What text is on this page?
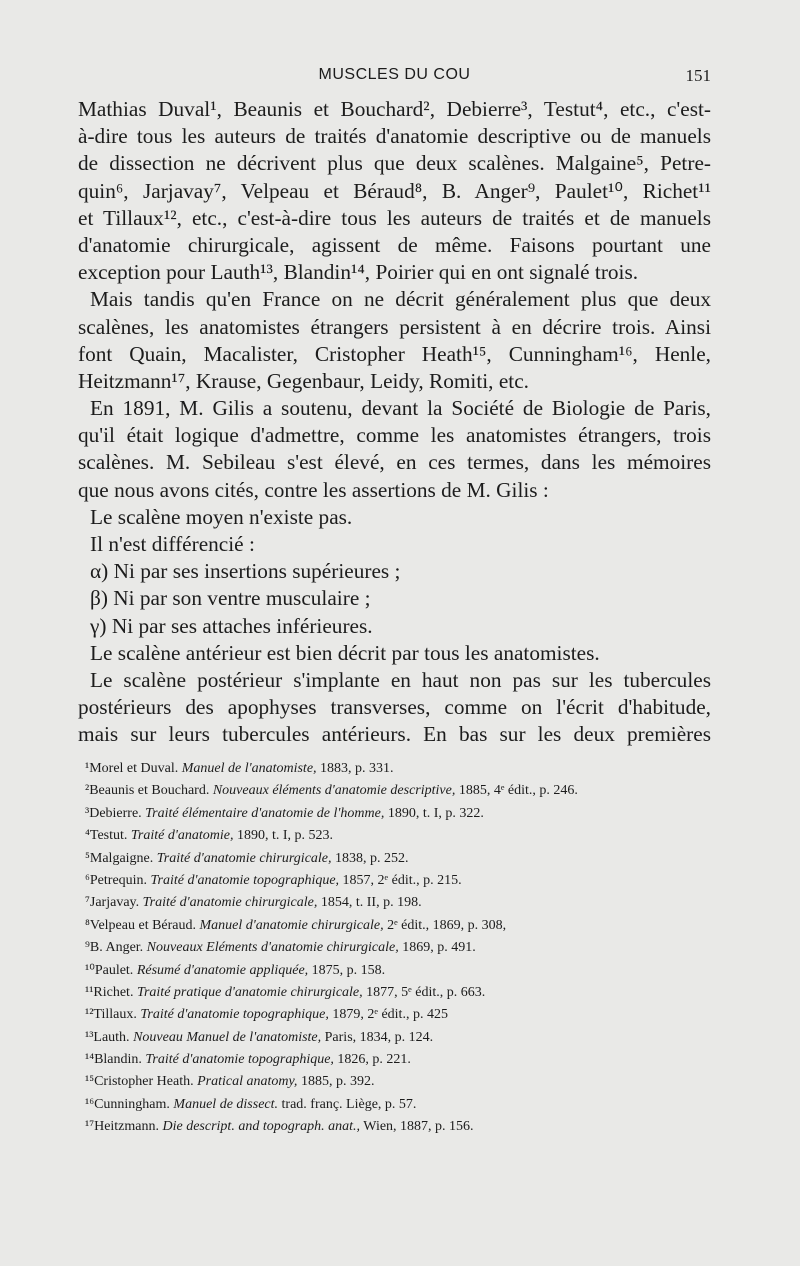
MUSCLES DU COU	151
Mathias Duval¹, Beaunis et Bouchard², Debierre³, Testut⁴, etc., c'est-
à-dire tous les auteurs de traités d'anatomie descriptive ou de manuels
de dissection ne décrivent plus que deux scalènes. Malgaine⁵, Petre-
quin⁶, Jarjavay⁷, Velpeau et Béraud⁸, B. Anger⁹, Paulet¹⁰, Richet¹¹
et Tillaux¹², etc., c'est-à-dire tous les auteurs de traités et de manuels
d'anatomie chirurgicale, agissent de même. Faisons pourtant une
exception pour Lauth¹³, Blandin¹⁴, Poirier qui en ont signalé trois.
Mais tandis qu'en France on ne décrit généralement plus que deux
scalènes, les anatomistes étrangers persistent à en décrire trois. Ainsi
font Quain, Macalister, Cristopher Heath¹⁵, Cunningham¹⁶, Henle,
Heitzmann¹⁷, Krause, Gegenbaur, Leidy, Romiti, etc.
En 1891, M. Gilis a soutenu, devant la Société de Biologie de Paris,
qu'il était logique d'admettre, comme les anatomistes étrangers, trois
scalènes. M. Sebileau s'est élevé, en ces termes, dans les mémoires
que nous avons cités, contre les assertions de M. Gilis :
Le scalène moyen n'existe pas.
Il n'est différencié :
α) Ni par ses insertions supérieures ;
β) Ni par son ventre musculaire ;
γ) Ni par ses attaches inférieures.
Le scalène antérieur est bien décrit par tous les anatomistes.
Le scalène postérieur s'implante en haut non pas sur les tubercules
postérieurs des apophyses transverses, comme on l'écrit d'habitude,
mais sur leurs tubercules antérieurs. En bas sur les deux premières
¹Morel et Duval. Manuel de l'anatomiste, 1883, p. 331.
²Beaunis et Bouchard. Nouveaux éléments d'anatomie descriptive, 1885, 4ᵉ édit., p. 246.
³Debierre. Traité élémentaire d'anatomie de l'homme, 1890, t. I, p. 322.
⁴Testut. Traité d'anatomie, 1890, t. I, p. 523.
⁵Malgaigne. Traité d'anatomie chirurgicale, 1838, p. 252.
⁶Petrequin. Traité d'anatomie topographique, 1857, 2ᵉ édit., p. 215.
⁷Jarjavay. Traité d'anatomie chirurgicale, 1854, t. II, p. 198.
⁸Velpeau et Béraud. Manuel d'anatomie chirurgicale, 2ᵉ édit., 1869, p. 308,
⁹B. Anger. Nouveaux Eléments d'anatomie chirurgicale, 1869, p. 491.
¹⁰Paulet. Résumé d'anatomie appliquée, 1875, p. 158.
¹¹Richet. Traité pratique d'anatomie chirurgicale, 1877, 5ᵉ édit., p. 663.
¹²Tillaux. Traité d'anatomie topographique, 1879, 2ᵉ édit., p. 425
¹³Lauth. Nouveau Manuel de l'anatomiste, Paris, 1834, p. 124.
¹⁴Blandin. Traité d'anatomie topographique, 1826, p. 221.
¹⁵Cristopher Heath. Pratical anatomy, 1885, p. 392.
¹⁶Cunningham. Manuel de dissect. trad. franç. Liège, p. 57.
¹⁷Heitzmann. Die descript. and topograph. anat., Wien, 1887, p. 156.
